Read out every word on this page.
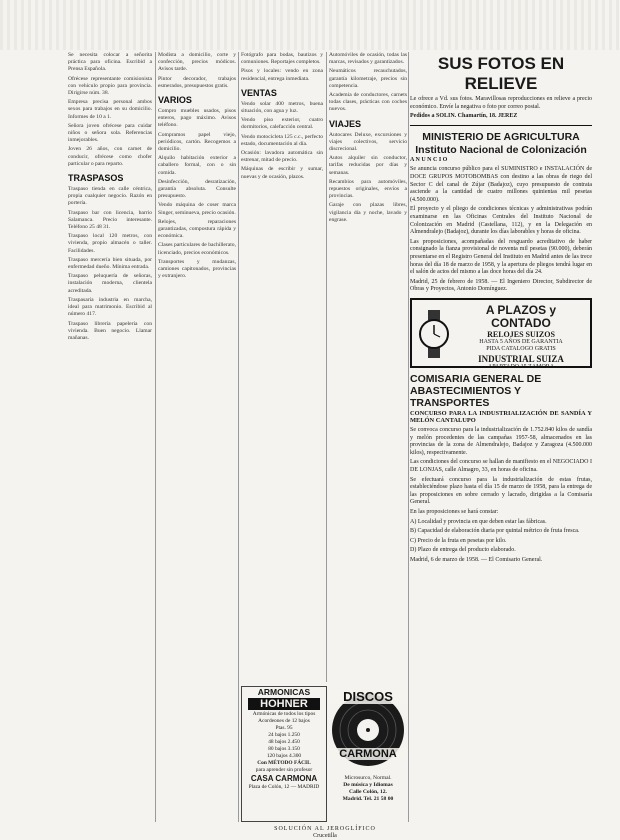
Se necesita colocar a señorita práctica para oficina. Escribid a Prensa Española.

Ofrécese representante comisionista con vehículo propio para provincia. Dirigirse núm. 38.

Empresa precisa personal ambos sexos para trabajos en su domicilio. Informes de 10 a 1.

Señora joven ofrécese para cuidar niños o señora sola. Referencias inmejorables.

Joven 26 años, con carnet de conducir, ofrécese como chofer particular o para reparto.

TRASPASOS

Traspaso tienda en calle céntrica, propia cualquier negocio. Razón en portería.

Traspaso bar con licencia, barrio Salamanca. Precio interesante. Teléfono 25 48 31.

Traspaso local 120 metros, con vivienda, propio almacén o taller. Facilidades.

Traspaso mercería bien situada, por enfermedad dueño. Mínima entrada.

Traspaso peluquería de señoras, instalación moderna, clientela acreditada.

Traspasaría industria en marcha, ideal para matrimonio. Escribid al número 417.

Traspaso librería papelería con vivienda. Buen negocio. Llamar mañanas.

Modista a domicilio, corte y confección, precios módicos. Avisos tarde.

Pintor decorador, trabajos esmerados, presupuestos gratis.

VARIOS

Compro muebles usados, pisos enteros, pago máximo. Avisos teléfono.

Compramos papel viejo, periódicos, cartón. Recogemos a domicilio.

Alquilo habitación exterior a caballero formal, con o sin comida.

Desinfección, desratización, garantía absoluta. Consulte presupuesto.

Vendo máquina de coser marca Singer, seminueva, precio ocasión.

Relojes, reparaciones garantizadas, compostura rápida y económica.

Clases particulares de bachillerato, licenciado, precios económicos.

Transportes y mudanzas, camiones capitonados, provincias y extranjero.

Fotógrafo para bodas, bautizos y comuniones. Reportajes completos.

Pisos y locales: vendo en zona residencial, entrega inmediata.

VENTAS

Vendo solar 400 metros, buena situación, con agua y luz.

Vendo piso exterior, cuatro dormitorios, calefacción central.

Vendo motocicleta 125 c.c., perfecto estado, documentación al día.

Ocasión: lavadora automática sin estrenar, mitad de precio.

Máquinas de escribir y sumar, nuevas y de ocasión, plazos.

Automóviles de ocasión, todas las marcas, revisados y garantizados.

Neumáticos recauchutados, garantía kilometraje, precios sin competencia.

Academia de conductores, carnets todas clases, prácticas con coches nuevos.

VIAJES

Autocares Deluxe, excursiones y viajes colectivos, servicio discrecional.

Autos alquiler sin conductor, tarifas reducidas por días y semanas.

Recambios para automóviles, repuestos originales, envíos a provincias.

Garaje con plazas libres, vigilancia día y noche, lavado y engrase.

ARMONICAS
HOHNER
Armónicas de todos los tipos
Acordeones de 12 bajos
Ptas. 95
24 bajos 1.250
48 bajos 2.450
80 bajos 3.150
120 bajos 4.300
Con MÉTODO FÁCIL
para aprender sin profesor
CASA CARMONA
Plaza de Colón, 12 — MADRID
DISCOS
CARMONA
Microsurco, Normal.
De música y Idiomas
Calle Colón, 12.
Madrid. Tel. 21 58 00
SOLUCIÓN AL JEROGLÍFICO
Crucetilla
SUS FOTOS EN RELIEVE

Le ofrece a Vd. sus fotos. Maravillosas reproducciones en relieve a precio económico. Envíe la negativa o foto por correo postal.

Pedidos a SOLIN. Chamartín, 18. JEREZ

MINISTERIO DE AGRICULTURA
Instituto Nacional de Colonización

A N U N C I O

Se anuncia concurso público para el SUMINISTRO e INSTALACIÓN de DOCE GRUPOS MOTOBOMBAS con destino a las obras de riego del Sector C del canal de Zújar (Badajoz), cuyo presupuesto de contrata asciende a la cantidad de cuatro millones quinientas mil pesetas (4.500.000).

El proyecto y el pliego de condiciones técnicas y administrativas podrán examinarse en las Oficinas Centrales del Instituto Nacional de Colonización en Madrid (Castellana, 112), y en la Delegación en Almendralejo (Badajoz), durante los días laborables y horas de oficina.

Las proposiciones, acompañadas del resguardo acreditativo de haber consignado la fianza provisional de noventa mil pesetas (90.000), deberán presentarse en el Registro General del Instituto en Madrid antes de las trece horas del día 18 de marzo de 1958, y la apertura de pliegos tendrá lugar en el salón de actos del mismo a las doce horas del día 24.

Madrid, 25 de febrero de 1958. — El Ingeniero Director, Subdirector de Obras y Proyectos, Antonio Domínguez.

A PLAZOS y CONTADO
RELOJES SUIZOS
HASTA 5 AÑOS DE GARANTIA
PIDA CATALOGO GRATIS
INDUSTRIAL SUIZA
APARTADO 15 ZAMORA
COMISARIA GENERAL DE ABASTECIMIENTOS Y TRANSPORTES

CONCURSO PARA LA INDUSTRIALIZACIÓN DE SANDÍA Y MELÓN CANTALUPO

Se convoca concurso para la industrialización de 1.752.840 kilos de sandía y melón procedentes de las campañas 1957-58, almacenados en las provincias de la zona de Almendralejo, Badajoz y Zaragoza (4.500.000 kilos), respectivamente.

Las condiciones del concurso se hallan de manifiesto en el NEGOCIADO I DE LONJAS, calle Almagro, 33, en horas de oficina.

Se efectuará concurso para la industrialización de estas frutas, estableciéndose plazo hasta el día 15 de marzo de 1958, para la entrega de las proposiciones en sobre cerrado y lacrado, dirigidas a la Comisaría General.

En las proposiciones se hará constar:

A) Localidad y provincia en que deben estar las fábricas.

B) Capacidad de elaboración diaria por quintal métrico de fruta fresca.

C) Precio de la fruta en pesetas por kilo.

D) Plazo de entrega del producto elaborado.

Madrid, 6 de marzo de 1958. — El Comisario General.
